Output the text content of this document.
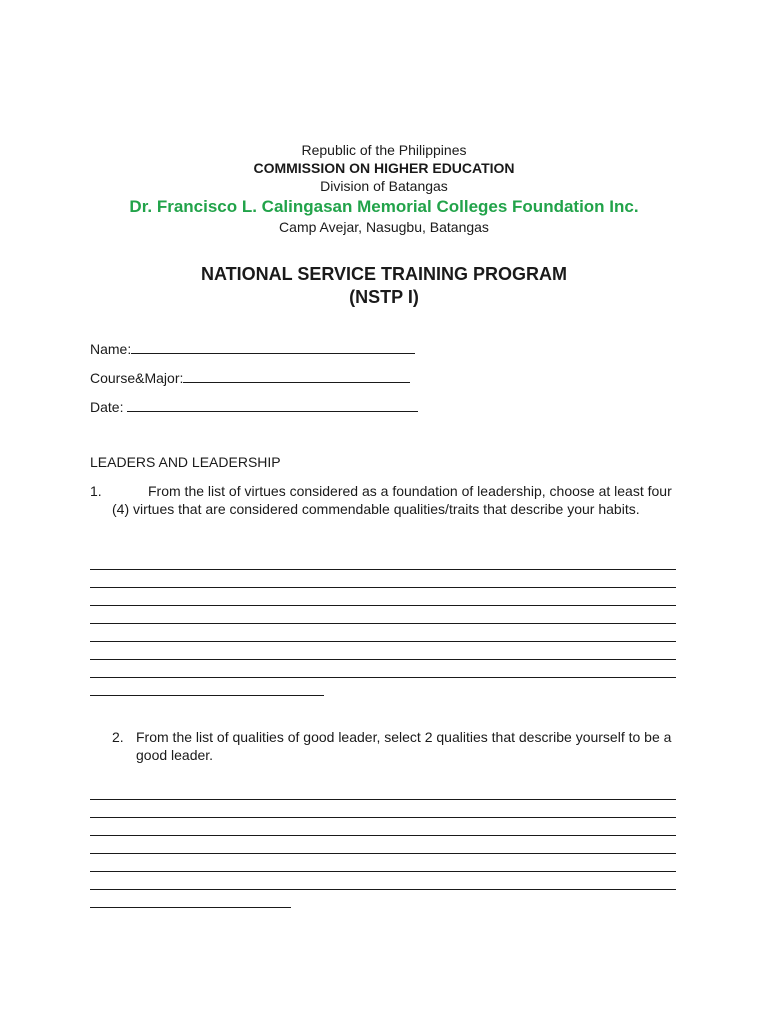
Republic of the Philippines
COMMISSION ON HIGHER EDUCATION
Division of Batangas
Dr. Francisco L. Calingasan Memorial Colleges Foundation Inc.
Camp Avejar, Nasugbu, Batangas
NATIONAL SERVICE TRAINING PROGRAM
(NSTP I)
Name:
Course&Major:
Date:
LEADERS AND LEADERSHIP
1.	From the list of virtues considered as a foundation of leadership, choose at least four (4) virtues that are considered commendable qualities/traits that describe your habits.
2. From the list of qualities of good leader, select 2 qualities that describe yourself to be a good leader.
